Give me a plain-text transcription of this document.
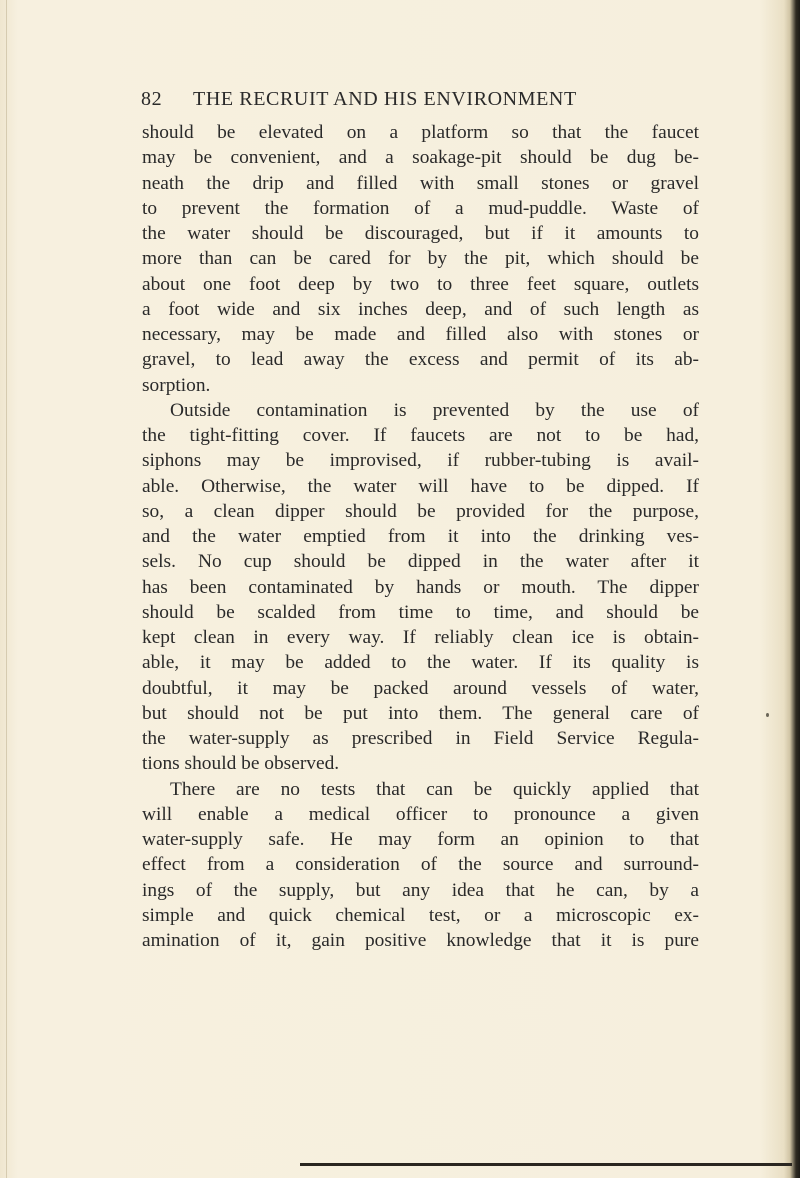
82 THE RECRUIT AND HIS ENVIRONMENT
should be elevated on a platform so that the faucet
may be convenient, and a soakage-pit should be dug be-
neath the drip and filled with small stones or gravel
to prevent the formation of a mud-puddle. Waste of
the water should be discouraged, but if it amounts to
more than can be cared for by the pit, which should be
about one foot deep by two to three feet square, outlets
a foot wide and six inches deep, and of such length as
necessary, may be made and filled also with stones or
gravel, to lead away the excess and permit of its ab-
sorption.
Outside contamination is prevented by the use of
the tight-fitting cover. If faucets are not to be had,
siphons may be improvised, if rubber-tubing is avail-
able. Otherwise, the water will have to be dipped. If
so, a clean dipper should be provided for the purpose,
and the water emptied from it into the drinking ves-
sels. No cup should be dipped in the water after it
has been contaminated by hands or mouth. The dipper
should be scalded from time to time, and should be
kept clean in every way. If reliably clean ice is obtain-
able, it may be added to the water. If its quality is
doubtful, it may be packed around vessels of water,
but should not be put into them. The general care of
the water-supply as prescribed in Field Service Regula-
tions should be observed.
There are no tests that can be quickly applied that
will enable a medical officer to pronounce a given
water-supply safe. He may form an opinion to that
effect from a consideration of the source and surround-
ings of the supply, but any idea that he can, by a
simple and quick chemical test, or a microscopic ex-
amination of it, gain positive knowledge that it is pure
